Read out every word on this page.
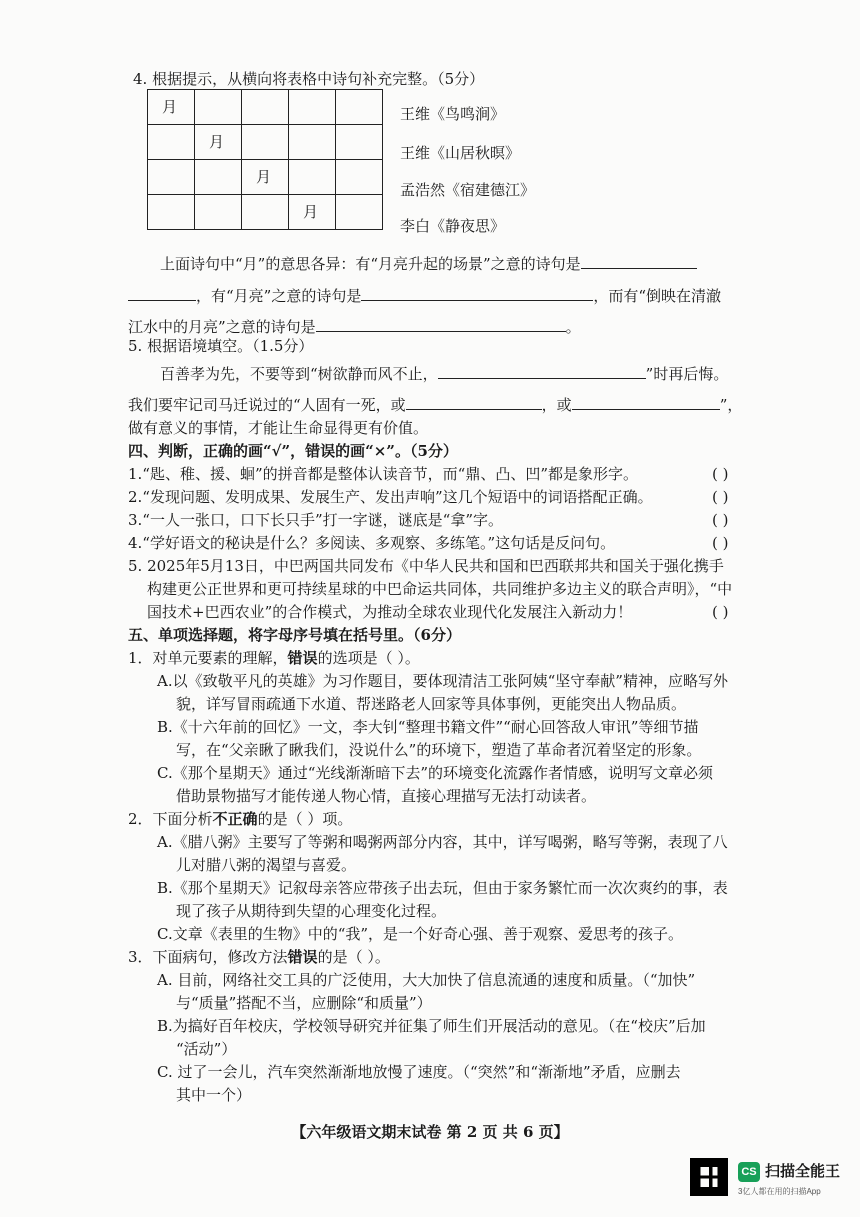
4. 根据提示，从横向将表格中诗句补充完整。（5分）
月				
	月			
		月		
			月	
王维《鸟鸣涧》
王维《山居秋暝》
孟浩然《宿建德江》
李白《静夜思》
上面诗句中“月”的意思各异：有“月亮升起的场景”之意的诗句是
，有“月亮”之意的诗句是	，而有“倒映在清澈
江水中的月亮”之意的诗句是	。
5. 根据语境填空。（1.5分）
百善孝为先，不要等到“树欲静而风不止，	”时再后悔。
我们要牢记司马迁说过的“人固有一死，或	，或	”，
做有意义的事情，才能让生命显得更有价值。
四、判断，正确的画“√”，错误的画“×”。（5分）
1.“匙、稚、援、蛔”的拼音都是整体认读音节，而“鼎、凸、凹”都是象形字。	( )
2.“发现问题、发明成果、发展生产、发出声响”这几个短语中的词语搭配正确。	( )
3.“一人一张口，口下长只手”打一字谜，谜底是“拿”字。	( )
4.“学好语文的秘诀是什么？多阅读、多观察、多练笔。”这句话是反问句。	( )
5. 2025年5月13日，中巴两国共同发布《中华人民共和国和巴西联邦共和国关于强化携手
构建更公正世界和更可持续星球的中巴命运共同体，共同维护多边主义的联合声明》，“中
国技术+巴西农业”的合作模式，为推动全球农业现代化发展注入新动力！	( )
五、单项选择题，将字母序号填在括号里。（6分）
1．对单元要素的理解，错误的选项是（ ）。
A.以《致敬平凡的英雄》为习作题目，要体现清洁工张阿姨“坚守奉献”精神，应略写外
貌，详写冒雨疏通下水道、帮迷路老人回家等具体事例，更能突出人物品质。
B.《十六年前的回忆》一文，李大钊“整理书籍文件”“耐心回答敌人审讯”等细节描
写，在“父亲瞅了瞅我们，没说什么”的环境下，塑造了革命者沉着坚定的形象。
C.《那个星期天》通过“光线渐渐暗下去”的环境变化流露作者情感，说明写文章必须
借助景物描写才能传递人物心情，直接心理描写无法打动读者。
2．下面分析不正确的是（ ）项。
A.《腊八粥》主要写了等粥和喝粥两部分内容，其中，详写喝粥，略写等粥，表现了八
儿对腊八粥的渴望与喜爱。
B.《那个星期天》记叙母亲答应带孩子出去玩，但由于家务繁忙而一次次爽约的事，表
现了孩子从期待到失望的心理变化过程。
C.文章《表里的生物》中的“我”，是一个好奇心强、善于观察、爱思考的孩子。
3．下面病句，修改方法错误的是（ ）。
A. 目前，网络社交工具的广泛使用，大大加快了信息流通的速度和质量。（“加快”
与“质量”搭配不当，应删除“和质量”）
B.为搞好百年校庆，学校领导研究并征集了师生们开展活动的意见。（在“校庆”后加
“活动”）
C. 过了一会儿，汽车突然渐渐地放慢了速度。（“突然”和“渐渐地”矛盾，应删去
其中一个）
【六年级语文期末试卷 第 2 页 共 6 页】
CS 扫描全能王
3亿人都在用的扫描App
